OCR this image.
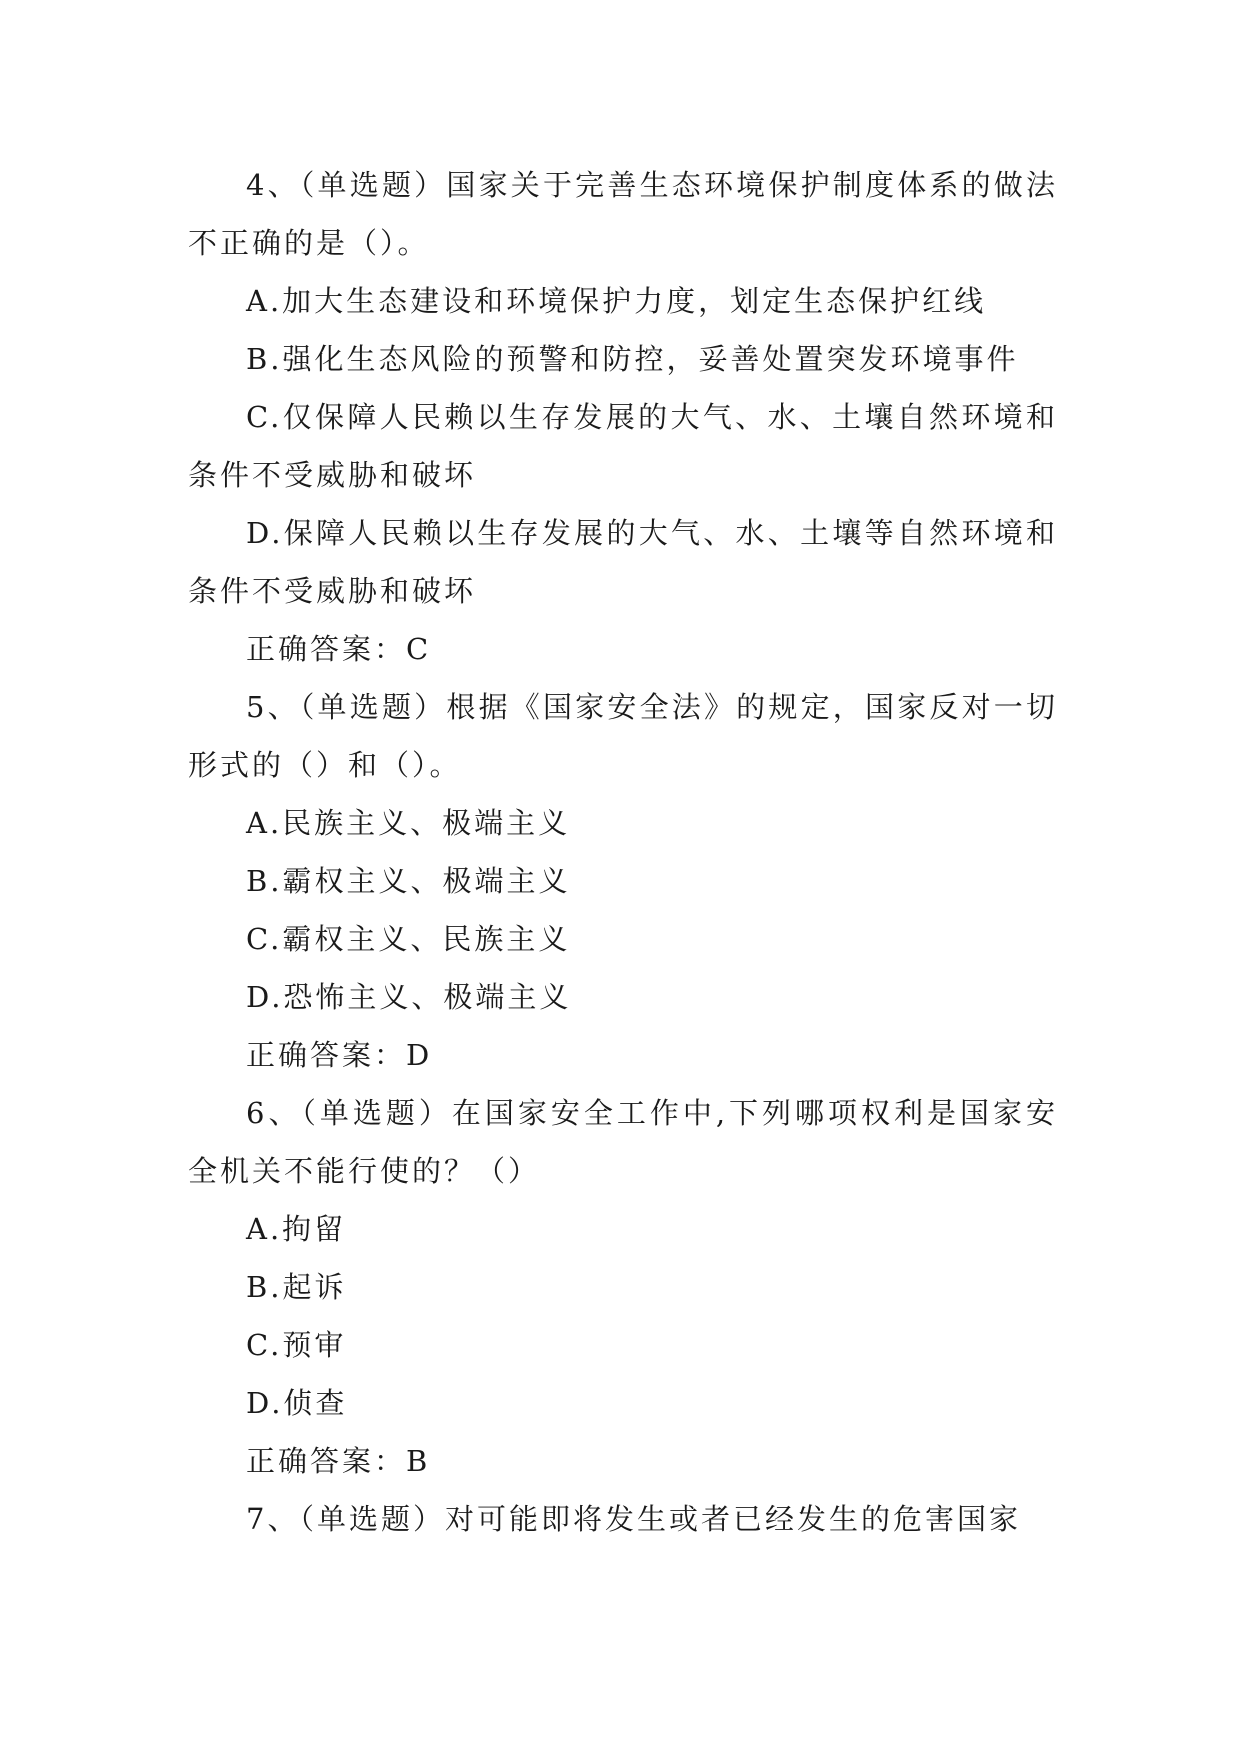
4、（单选题）国家关于完善生态环境保护制度体系的做法不正确的是（）。

A.加大生态建设和环境保护力度，划定生态保护红线

B.强化生态风险的预警和防控，妥善处置突发环境事件

C.仅保障人民赖以生存发展的大气、水、土壤自然环境和条件不受威胁和破坏

D.保障人民赖以生存发展的大气、水、土壤等自然环境和条件不受威胁和破坏

正确答案：C

5、（单选题）根据《国家安全法》的规定，国家反对一切形式的（）和（）。

A.民族主义、极端主义

B.霸权主义、极端主义

C.霸权主义、民族主义

D.恐怖主义、极端主义

正确答案：D

6、（单选题）在国家安全工作中,下列哪项权利是国家安全机关不能行使的？（）

A.拘留

B.起诉

C.预审

D.侦查

正确答案：B

7、（单选题）对可能即将发生或者已经发生的危害国家
